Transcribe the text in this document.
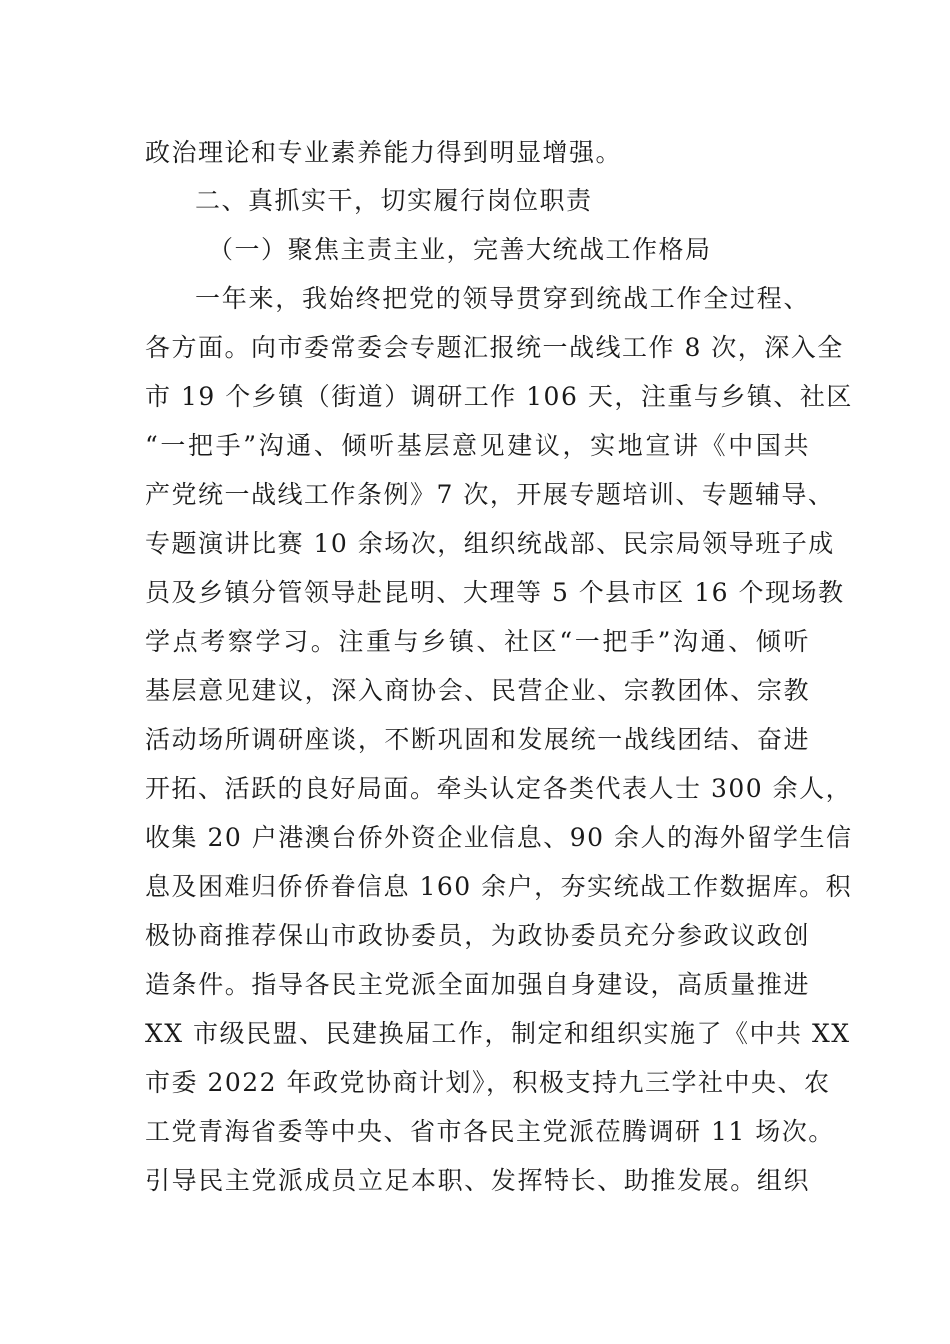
政治理论和专业素养能力得到明显增强。
二、真抓实干，切实履行岗位职责
（一）聚焦主责主业，完善大统战工作格局
一年来，我始终把党的领导贯穿到统战工作全过程、
各方面。向市委常委会专题汇报统一战线工作 8 次，深入全
市 19 个乡镇（街道）调研工作 106 天，注重与乡镇、社区
“一把手”沟通、倾听基层意见建议，实地宣讲《中国共
产党统一战线工作条例》7 次，开展专题培训、专题辅导、
专题演讲比赛 10 余场次，组织统战部、民宗局领导班子成
员及乡镇分管领导赴昆明、大理等 5 个县市区 16 个现场教
学点考察学习。注重与乡镇、社区“一把手”沟通、倾听
基层意见建议，深入商协会、民营企业、宗教团体、宗教
活动场所调研座谈，不断巩固和发展统一战线团结、奋进
开拓、活跃的良好局面。牵头认定各类代表人士 300 余人，
收集 20 户港澳台侨外资企业信息、90 余人的海外留学生信
息及困难归侨侨眷信息 160 余户，夯实统战工作数据库。积
极协商推荐保山市政协委员，为政协委员充分参政议政创
造条件。指导各民主党派全面加强自身建设，高质量推进
XX 市级民盟、民建换届工作，制定和组织实施了《中共 XX
市委 2022 年政党协商计划》，积极支持九三学社中央、农
工党青海省委等中央、省市各民主党派莅腾调研 11 场次。
引导民主党派成员立足本职、发挥特长、助推发展。组织
